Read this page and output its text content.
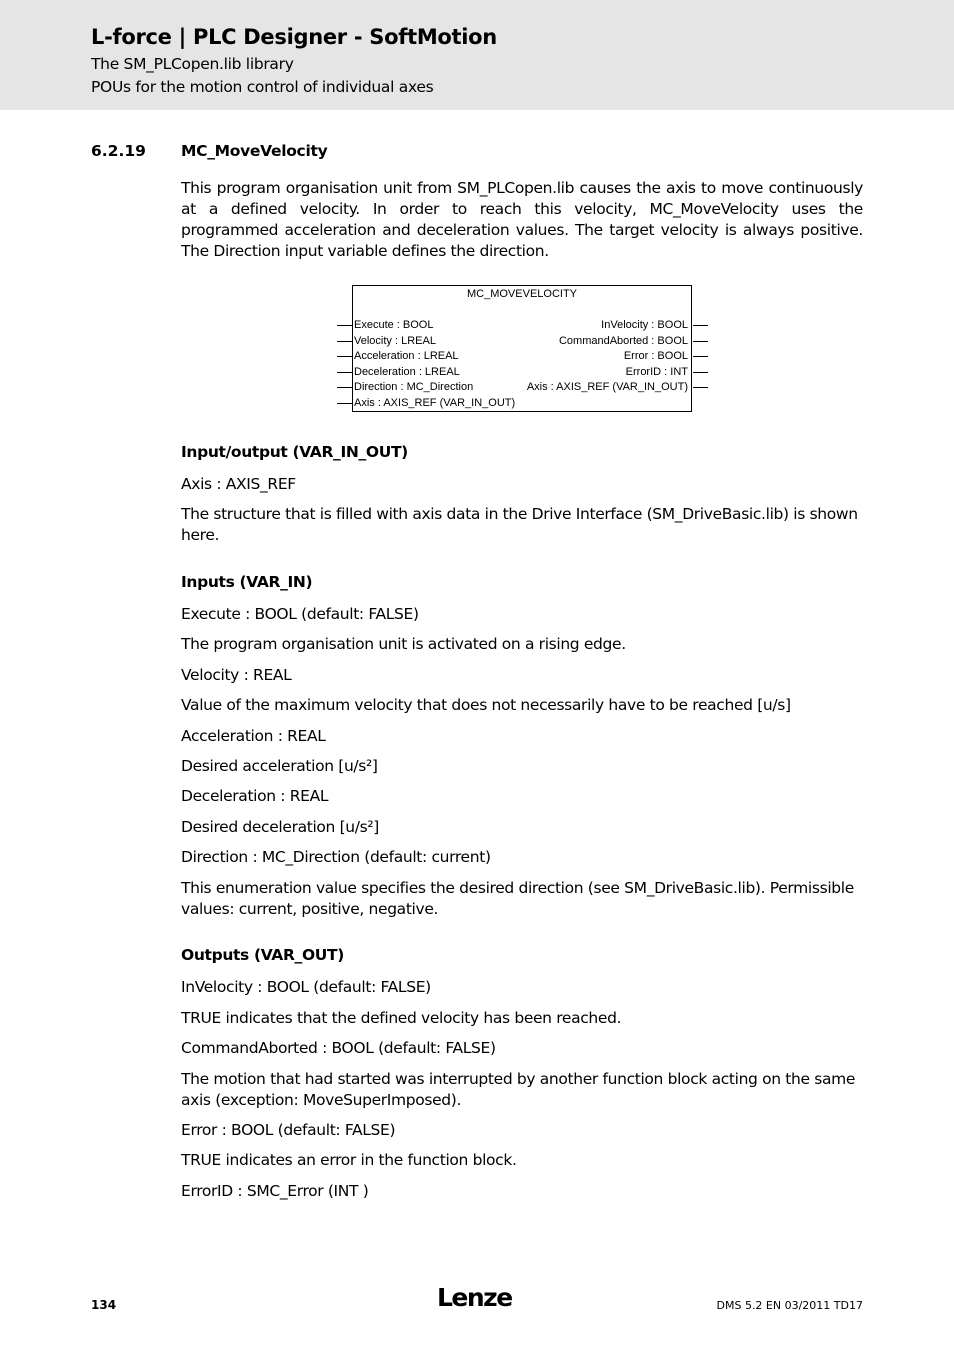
L-force | PLC Designer - SoftMotion
The SM_PLCopen.lib library
POUs for the motion control of individual axes
6.2.19 MC_MoveVelocity

This program organisation unit from SM_PLCopen.lib causes the axis to move continuously at a defined velocity. In order to reach this velocity, MC_MoveVelocity uses the programmed acceleration and deceleration values. The target velocity is always positive. The Direction input variable defines the direction.

MC_MOVEVELOCITY
Execute : BOOL
Velocity : LREAL
Acceleration : LREAL
Deceleration : LREAL
Direction : MC_Direction
Axis : AXIS_REF (VAR_IN_OUT)
InVelocity : BOOL
CommandAborted : BOOL
Error : BOOL
ErrorID : INT
Axis : AXIS_REF (VAR_IN_OUT)

Input/output (VAR_IN_OUT)

Axis : AXIS_REF

The structure that is filled with axis data in the Drive Interface (SM_DriveBasic.lib) is shown here.

Inputs (VAR_IN)

Execute : BOOL (default: FALSE)

The program organisation unit is activated on a rising edge.

Velocity : REAL

Value of the maximum velocity that does not necessarily have to be reached [u/s]

Acceleration : REAL

Desired acceleration [u/s²]

Deceleration : REAL

Desired deceleration [u/s²]

Direction : MC_Direction (default: current)

This enumeration value specifies the desired direction (see SM_DriveBasic.lib). Permissible values: current, positive, negative.

Outputs (VAR_OUT)

InVelocity : BOOL (default: FALSE)

TRUE indicates that the defined velocity has been reached.

CommandAborted : BOOL (default: FALSE)

The motion that had started was interrupted by another function block acting on the same axis (exception: MoveSuperImposed).

Error : BOOL (default: FALSE)

TRUE indicates an error in the function block.

ErrorID : SMC_Error (INT )

134	Lenze	DMS 5.2 EN 03/2011 TD17
